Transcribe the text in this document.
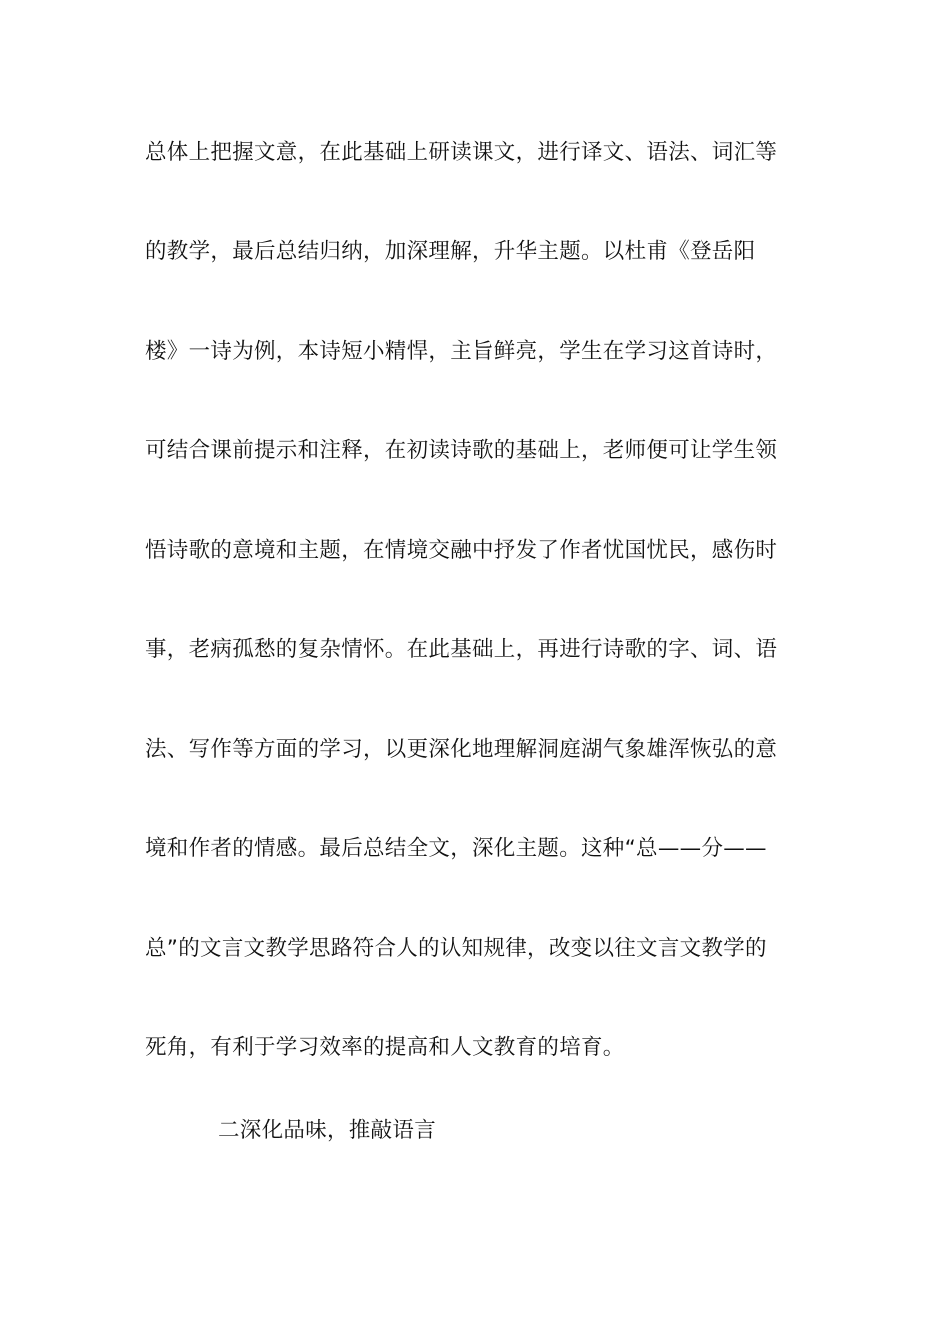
总体上把握文意，在此基础上研读课文，进行译文、语法、词汇等
的教学，最后总结归纳，加深理解，升华主题。以杜甫《登岳阳
楼》一诗为例，本诗短小精悍，主旨鲜亮，学生在学习这首诗时，
可结合课前提示和注释，在初读诗歌的基础上，老师便可让学生领
悟诗歌的意境和主题，在情境交融中抒发了作者忧国忧民，感伤时
事，老病孤愁的复杂情怀。在此基础上，再进行诗歌的字、词、语
法、写作等方面的学习，以更深化地理解洞庭湖气象雄浑恢弘的意
境和作者的情感。最后总结全文，深化主题。这种“总——分——
总”的文言文教学思路符合人的认知规律，改变以往文言文教学的
死角，有利于学习效率的提高和人文教育的培育。
二深化品味，推敲语言
